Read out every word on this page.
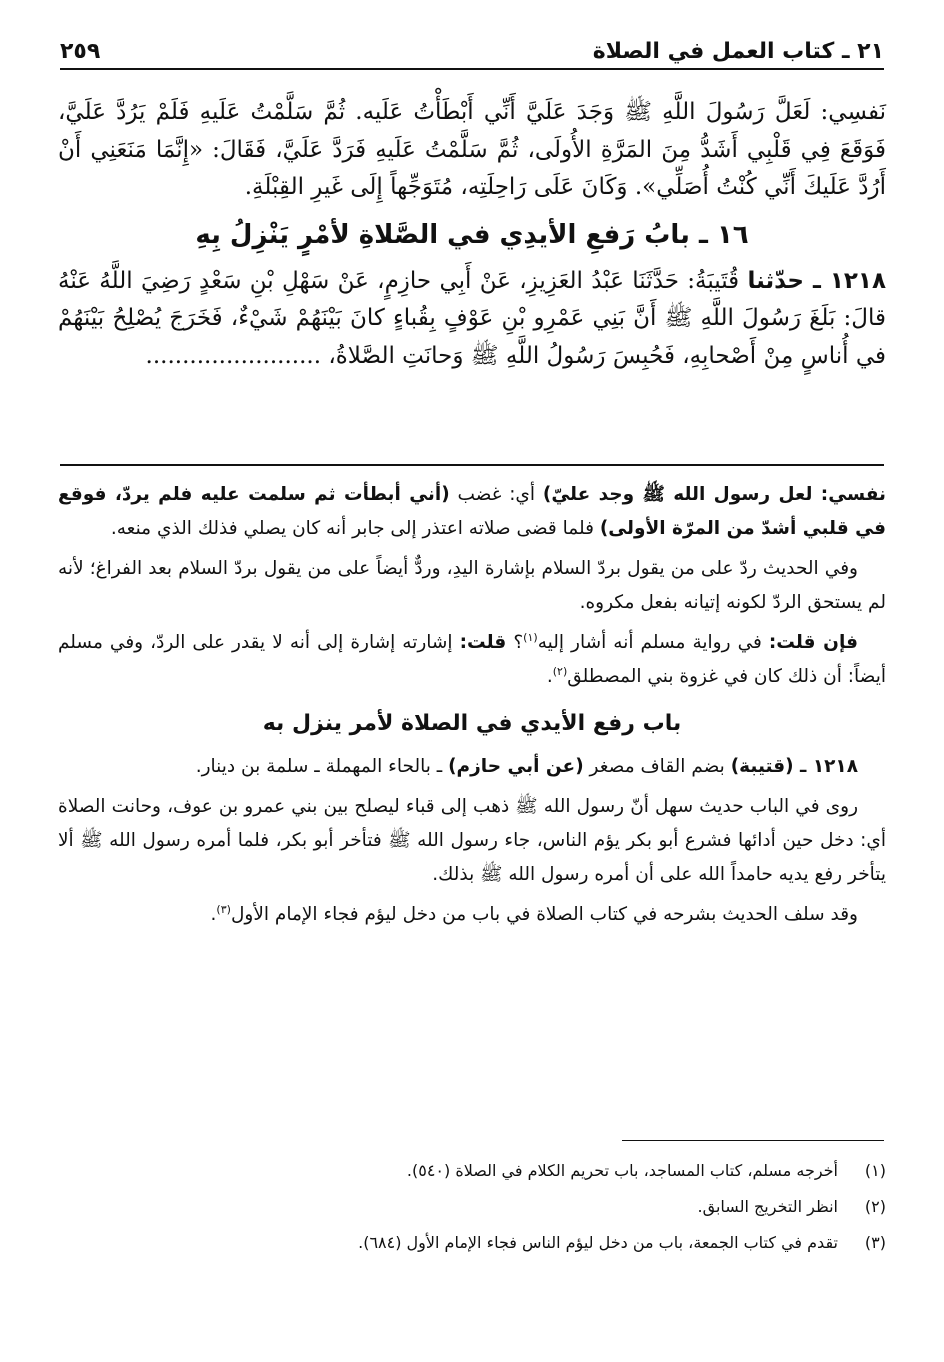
٢١ ـ كتاب العمل في الصلاة
٢٥٩

نَفسِي: لَعَلَّ رَسُولَ اللَّهِ ﷺ وَجَدَ عَلَيَّ أَنِّي أَبْطَأْتُ عَلَيه. ثُمَّ سَلَّمْتُ عَلَيهِ فَلَمْ يَرُدَّ عَلَيَّ، فَوَقَعَ فِي قَلْبِي أَشَدُّ مِنَ المَرَّةِ الأُولَى، ثُمَّ سَلَّمْتُ عَلَيهِ فَرَدَّ عَلَيَّ، فَقَالَ: «إِنَّمَا مَنَعَنِي أَنْ أَرُدَّ عَلَيكَ أَنِّي كُنْتُ أُصَلِّي». وَكَانَ عَلَى رَاحِلَتِه، مُتَوَجِّهاً إِلَى غَيرِ القِبْلَةِ.

١٦ ـ بابُ رَفعِ الأيدِي في الصَّلاةِ لأمْرٍ يَنْزِلُ بِهِ

١٢١٨ ـ حدّثنا قُتَيبَةُ: حَدَّثَنَا عَبْدُ العَزِيزِ، عَنْ أَبِي حازِمٍ، عَنْ سَهْلِ بْنِ سَعْدٍ رَضِيَ اللَّهُ عَنْهُ قالَ: بَلَغَ رَسُولَ اللَّهِ ﷺ أَنَّ بَنِي عَمْرِو بْنِ عَوْفٍ بِقُباءٍ كانَ بَيْنَهُمْ شَيْءٌ، فَخَرَجَ يُصْلِحُ بَيْنَهُمْ في أُناسٍ مِنْ أَصْحابِهِ، فَحُبِسَ رَسُولُ اللَّهِ ﷺ وَحانَتِ الصَّلاةُ، ........................

نفسي: لعل رسول الله ﷺ وجد عليّ) أي: غضب (أني أبطأت ثم سلمت عليه فلم يردّ، فوقع في قلبي أشدّ من المرّة الأولى) فلما قضى صلاته اعتذر إلى جابر أنه كان يصلي فذلك الذي منعه.

وفي الحديث ردّ على من يقول بردّ السلام بإشارة اليدِ، وردٌّ أيضاً على من يقول بردّ السلام بعد الفراغ؛ لأنه لم يستحق الردّ لكونه إتيانه بفعل مكروه.

فإن قلت: في رواية مسلم أنه أشار إليه$^{(١)}$؟ قلت: إشارته إشارة إلى أنه لا يقدر على الردّ، وفي مسلم أيضاً: أن ذلك كان في غزوة بني المصطلق$^{(٢)}$.

باب رفع الأيدي في الصلاة لأمر ينزل به

١٢١٨ ـ (قتيبة) بضم القاف مصغر (عن أبي حازم) ـ بالحاء المهملة ـ سلمة بن دينار.

روى في الباب حديث سهل أنّ رسول الله ﷺ ذهب إلى قباء ليصلح بين بني عمرو بن عوف، وحانت الصلاة أي: دخل حين أدائها فشرع أبو بكر يؤم الناس، جاء رسول الله ﷺ فتأخر أبو بكر، فلما أمره رسول الله ﷺ ألا يتأخر رفع يديه حامداً الله على أن أمره رسول الله ﷺ بذلك.

وقد سلف الحديث بشرحه في كتاب الصلاة في باب من دخل ليؤم فجاء الإمام الأول$^{(٣)}$.

(١)
أخرجه مسلم، كتاب المساجد، باب تحريم الكلام في الصلاة (٥٤٠).
(٢)
انظر التخريج السابق.
(٣)
تقدم في كتاب الجمعة، باب من دخل ليؤم الناس فجاء الإمام الأول (٦٨٤).
